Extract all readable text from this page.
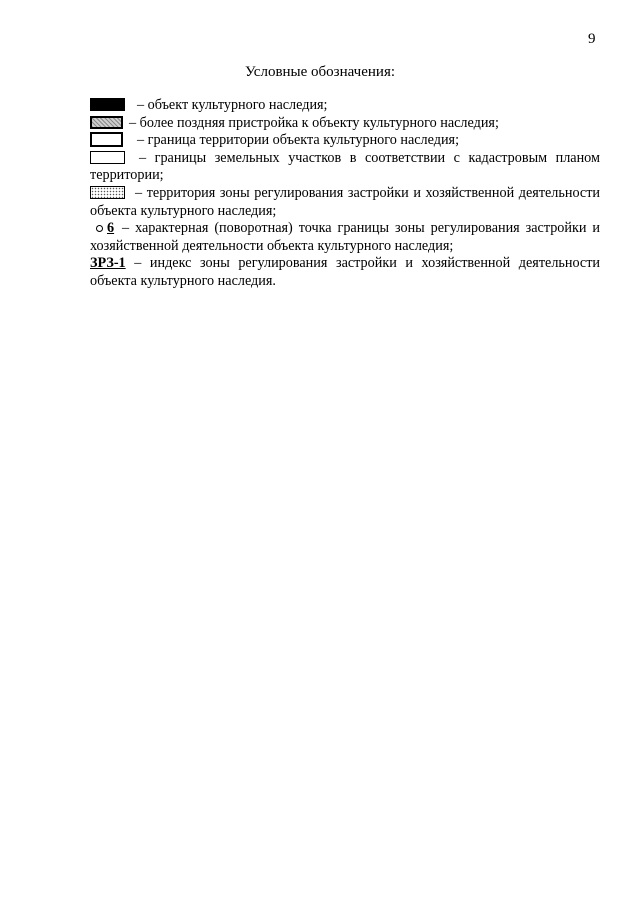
9
Условные обозначения:

– объект культурного наследия;

– более поздняя пристройка к объекту культурного наследия;

– граница территории объекта культурного наследия;

– границы земельных участков в соответствии с кадастровым планом территории;

– территория зоны регулирования застройки и хозяйственной деятельности объекта культурного наследия;

6 – характерная (поворотная) точка границы зоны регулирования застройки и хозяйственной деятельности объекта культурного наследия;

ЗРЗ-1 – индекс зоны регулирования застройки и хозяйственной деятельности объекта культурного наследия.
